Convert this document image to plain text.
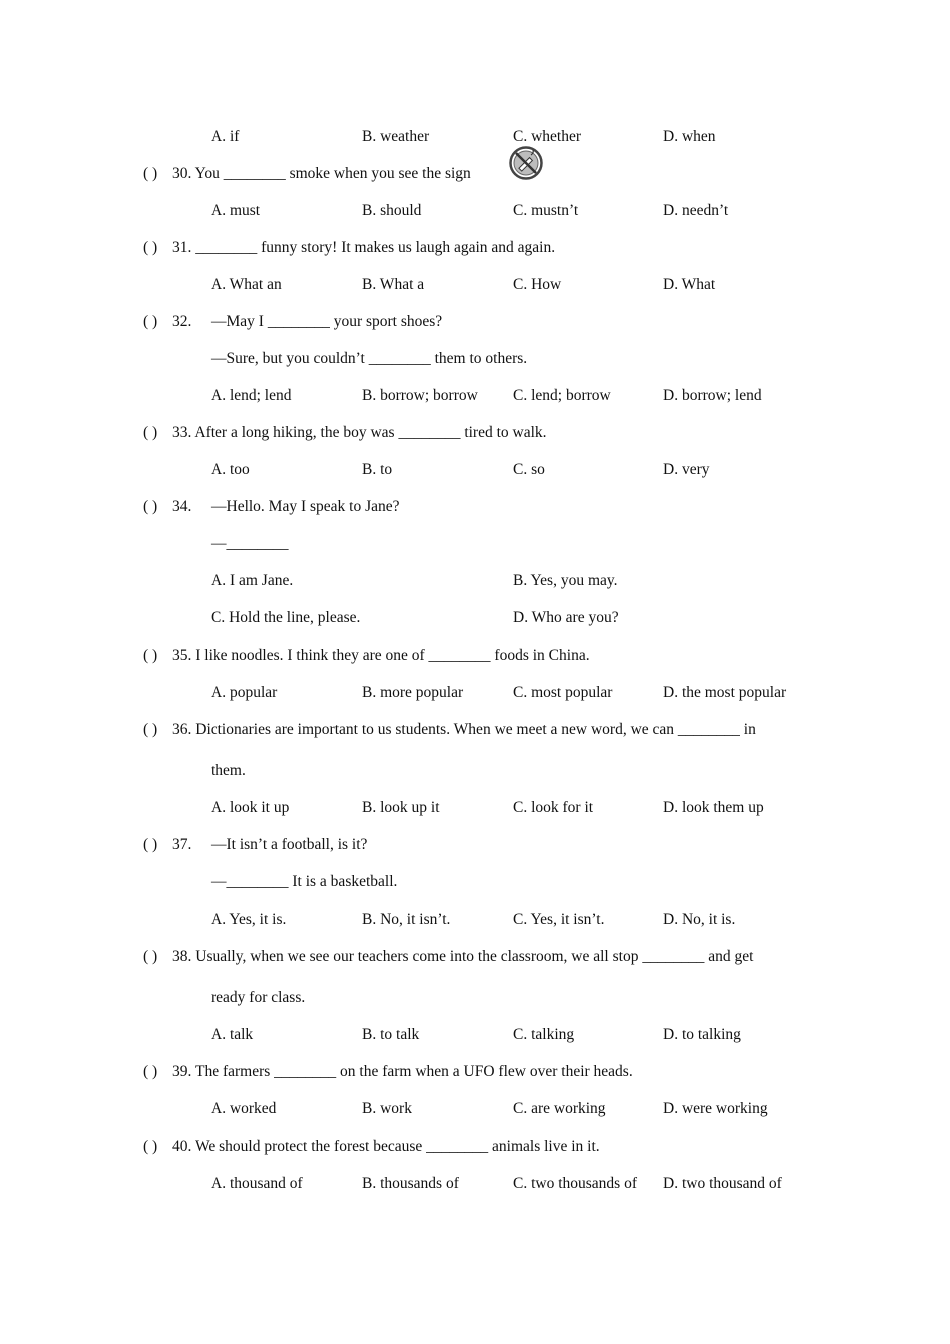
A. if	B. weather	C. whether	D. when
( ) 30. You ________ smoke when you see the sign
A. must	B. should	C. mustn’t	D. needn’t
( ) 31. ________ funny story! It makes us laugh again and again.
A. What an	B. What a	C. How	D. What
( ) 32. —May I ________ your sport shoes?
—Sure, but you couldn’t ________ them to others.
A. lend; lend	B. borrow; borrow C. lend; borrow	D. borrow; lend
( ) 33. After a long hiking, the boy was ________ tired to walk.
A. too	B. to	C. so	D. very
( ) 34. —Hello. May I speak to Jane?
—________
A. I am Jane.	B. Yes, you may.
C. Hold the line, please.	D. Who are you?
( ) 35. I like noodles. I think they are one of ________ foods in China.
A. popular	B. more popular	C. most popular	D. the most popular
( ) 36. Dictionaries are important to us students. When we meet a new word, we can ________ in
them.
A. look it up	B. look up it	C. look for it	D. look them up
( ) 37. —It isn’t a football, is it?
—________ It is a basketball.
A. Yes, it is.	B. No, it isn’t.	C. Yes, it isn’t.	D. No, it is.
( ) 38. Usually, when we see our teachers come into the classroom, we all stop ________ and get
ready for class.
A. talk	B. to talk	C. talking	D. to talking
( ) 39. The farmers ________ on the farm when a UFO flew over their heads.
A. worked	B. work	C. are working	D. were working
( ) 40. We should protect the forest because ________ animals live in it.
A. thousand of	B. thousands of	C. two thousands of D. two thousand of
